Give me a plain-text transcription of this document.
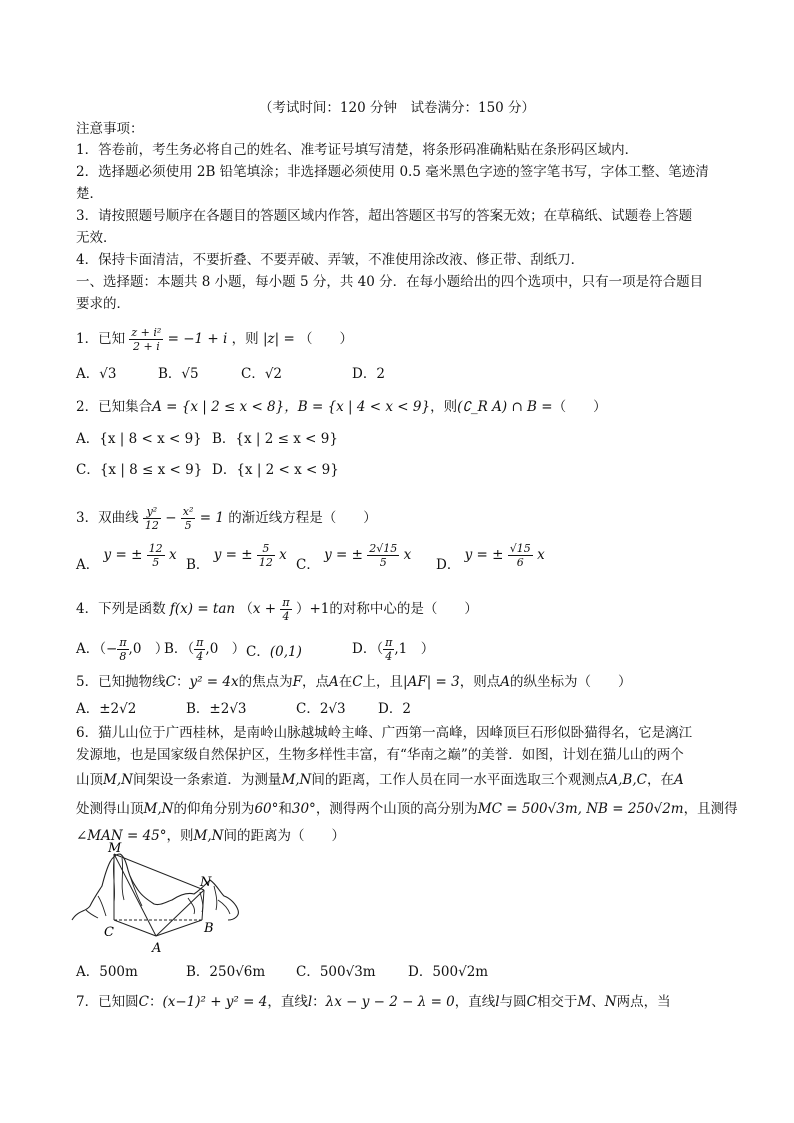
（考试时间：120 分钟　试卷满分：150 分）
注意事项：
1．答卷前，考生务必将自己的姓名、准考证号填写清楚，将条形码准确粘贴在条形码区域内．
2．选择题必须使用 2B 铅笔填涂；非选择题必须使用 0.5 毫米黑色字迹的签字笔书写，字体工整、笔迹清
楚．
3．请按照题号顺序在各题目的答题区域内作答，超出答题区书写的答案无效；在草稿纸、试题卷上答题
无效．
4．保持卡面清洁，不要折叠、不要弄破、弄皱，不准使用涂改液、修正带、刮纸刀．
一、选择题：本题共 8 小题，每小题 5 分，共 40 分．在每小题给出的四个选项中，只有一项是符合题目
要求的．
1．已知 $\frac{\text{z + i²}}{2 + i} = -1 + i$ ，则 |z| = （　　）
A．√3	B．√5	C．√2	D．2
2．已知集合A = {x | 2 ≤ x < 8}，B = {x | 4 < x < 9}，则(∁_R A) ∩ B =（　　）
A．{x | 8 < x < 9} B．{x | 2 ≤ x < 9}
C．{x | 8 ≤ x < 9} D．{x | 2 < x < 9}
3．双曲线 $\frac{\text{y²}}{12} - \frac{\text{x²}}{5} = 1$ 的渐近线方程是（　　）
A． y = ± $\frac{12}{5}$ x
B． y = ± $\frac{5}{12}$ x
C． y = ± $\frac{2√15}{5}$ x
D． y = ± $\frac{√15}{6}$ x
4．下列是函数 $f(x) = \tan (x + \frac{\pi}{4} )+1$的对称中心的是（　　）
A．（− $\frac{\pi}{8} ,0$　）
B．（ $\frac{\pi}{4} ,0$　） C．(0,1)	D．（ $\frac{\pi}{4} ,1$　）
5．已知抛物线C：y² = 4x的焦点为F，点A在C上，且|AF| = 3，则点A的纵坐标为（　　）
A．±2√2	B．±2√3	C．2√3 D．2
6．猫儿山位于广西桂林，是南岭山脉越城岭主峰、广西第一高峰，因峰顶巨石形似卧猫得名，它是漓江
发源地，也是国家级自然保护区，生物多样性丰富，有“华南之巅”的美誉．如图，计划在猫儿山的两个
山顶M,N间架设一条索道．为测量M,N间的距离，工作人员在同一水平面选取三个观测点A,B,C，在A
处测得山顶M,N的仰角分别为60°和30°，测得两个山顶的高分别为MC = 500√3m, NB = 250√2m，且测得
∠MAN = 45°，则M,N间的距离为（　　）
M
N
C
A
B
A．500m	B．250√6m C．500√3m D．500√2m
7．已知圆C：(x−1)² + y² = 4，直线l：λx − y − 2 − λ = 0，直线l与圆C相交于M、N两点，当
